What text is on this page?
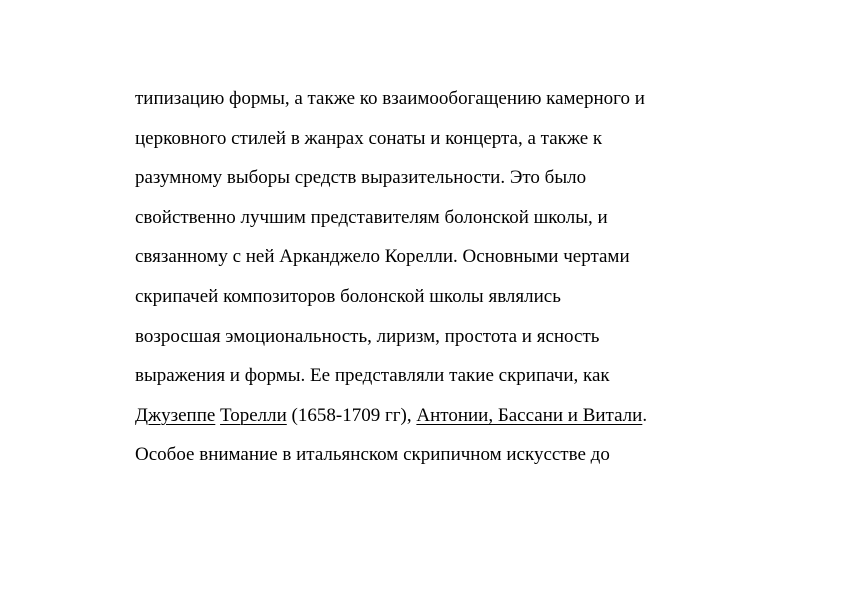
типизацию формы, а также ко взаимообогащению камерного и
церковного стилей в жанрах сонаты и концерта, а также к
разумному выборы средств выразительности. Это было
свойственно лучшим представителям болонской школы, и
связанному с ней Арканджело Корелли. Основными чертами
скрипачей композиторов болонской школы являлись
возросшая эмоциональность, лиризм, простота и ясность
выражения и формы. Ее представляли такие скрипачи, как
Джузеппе Торелли (1658-1709 гг), Антонии, Бассани и Витали.
Особое внимание в итальянском скрипичном искусстве до
